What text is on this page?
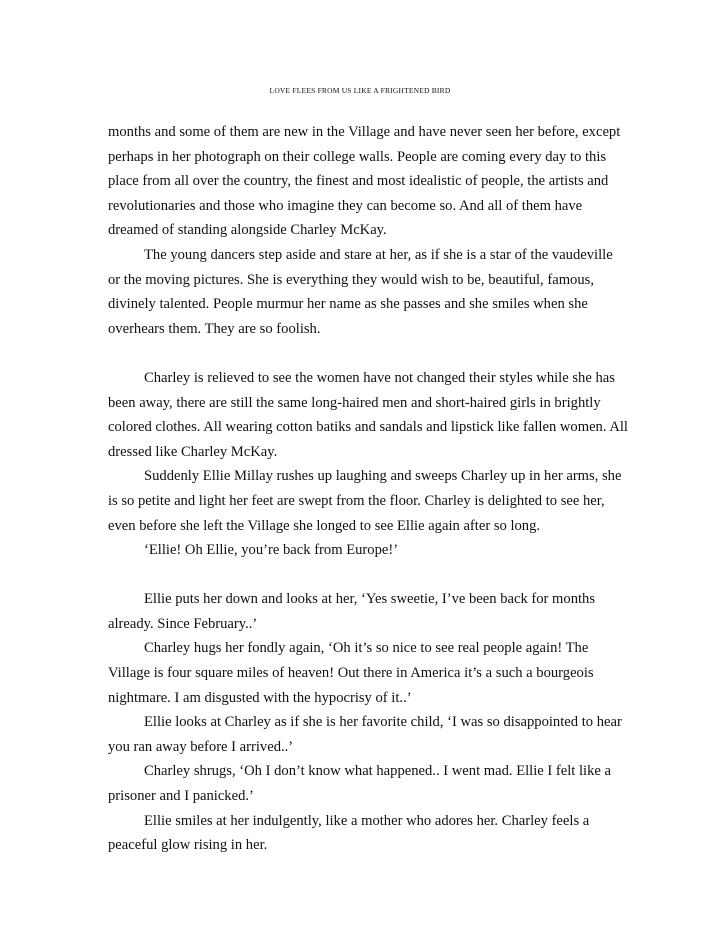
LOVE FLEES FROM US LIKE A FRIGHTENED BIRD

months and some of them are new in the Village and have never seen her before, except perhaps in her photograph on their college walls. People are coming every day to this place from all over the country, the finest and most idealistic of people, the artists and revolutionaries and those who imagine they can become so. And all of them have dreamed of standing alongside Charley McKay.

The young dancers step aside and stare at her, as if she is a star of the vaudeville or the moving pictures. She is everything they would wish to be, beautiful, famous, divinely talented. People murmur her name as she passes and she smiles when she overhears them. They are so foolish.

Charley is relieved to see the women have not changed their styles while she has been away, there are still the same long-haired men and short-haired girls in brightly colored clothes. All wearing cotton batiks and sandals and lipstick like fallen women. All dressed like Charley McKay.

Suddenly Ellie Millay rushes up laughing and sweeps Charley up in her arms, she is so petite and light her feet are swept from the floor. Charley is delighted to see her, even before she left the Village she longed to see Ellie again after so long.

‘Ellie! Oh Ellie, you’re back from Europe!’

Ellie puts her down and looks at her, ‘Yes sweetie, I’ve been back for months already. Since February..’

Charley hugs her fondly again, ‘Oh it’s so nice to see real people again! The Village is four square miles of heaven! Out there in America it’s a such a bourgeois nightmare. I am disgusted with the hypocrisy of it..’

Ellie looks at Charley as if she is her favorite child, ‘I was so disappointed to hear you ran away before I arrived..’

Charley shrugs, ‘Oh I don’t know what happened.. I went mad. Ellie I felt like a prisoner and I panicked.’

Ellie smiles at her indulgently, like a mother who adores her. Charley feels a peaceful glow rising in her.
